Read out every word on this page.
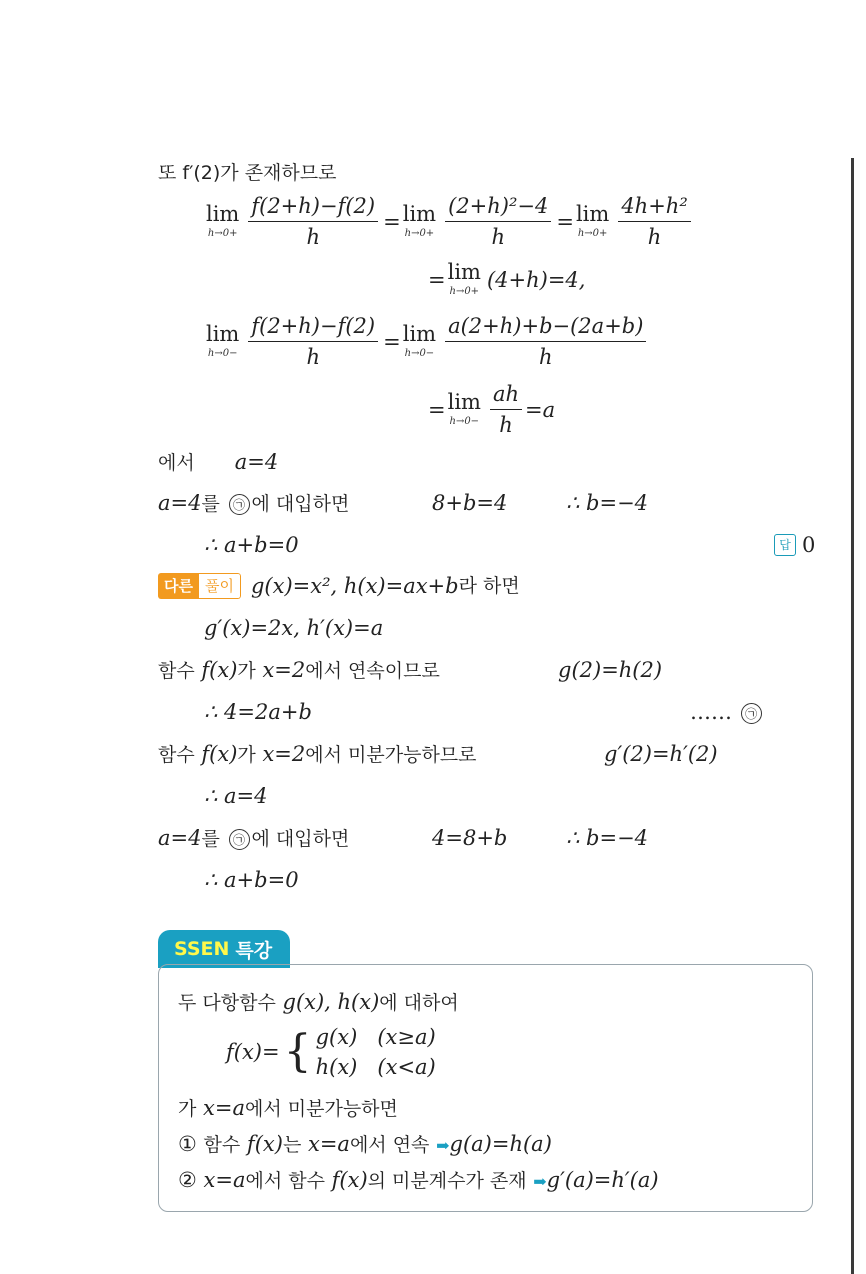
또 f′(2)가 존재하므로
lim
$h\to 0+ \frac{f(2+h)-f(2)}{h} = \lim$
$h\to 0+ \frac{\text{(2+h)²−4}}{h} = \lim$
$h\to 0+ \frac{\text{4h+h²}}{h}$
= lim
h→0+ (4+h)=4,
lim
$h\to 0- \frac{f(2+h)-f(2)}{h} = \lim$
$h\to 0- \frac{a(2+h)+b-(2a+b)}{h}$
= lim
$h\to 0- \frac{ah}{h} =a$
에서 a=4
a=4를 ㉠ 에 대입하면	8+b=4	∴ b=−4
∴ a+b=0	답 0
다른 풀이 g(x)=x², h(x)=ax+b 라 하면
g′(x)=2x, h′(x)=a
함수 f(x)가 x=2에서 연속이므로	g(2)=h(2)
∴ 4=2a+b	…… ㉠
함수 f(x)가 x=2에서 미분가능하므로	g′(2)=h′(2)
∴ a=4
a=4를 ㉠ 에 대입하면	4=8+b	∴ b=−4
∴ a+b=0
SSEN 특강
두 다항함수 g(x), h(x)에 대하여
f(x)= { g(x) (x≥a)
h(x) (x<a)
가 x=a에서 미분가능하면
① 함수 f(x)는 x=a에서 연속 ➡g(a)=h(a)
② x=a에서 함수 f(x)의 미분계수가 존재 ➡g′(a)=h′(a)
